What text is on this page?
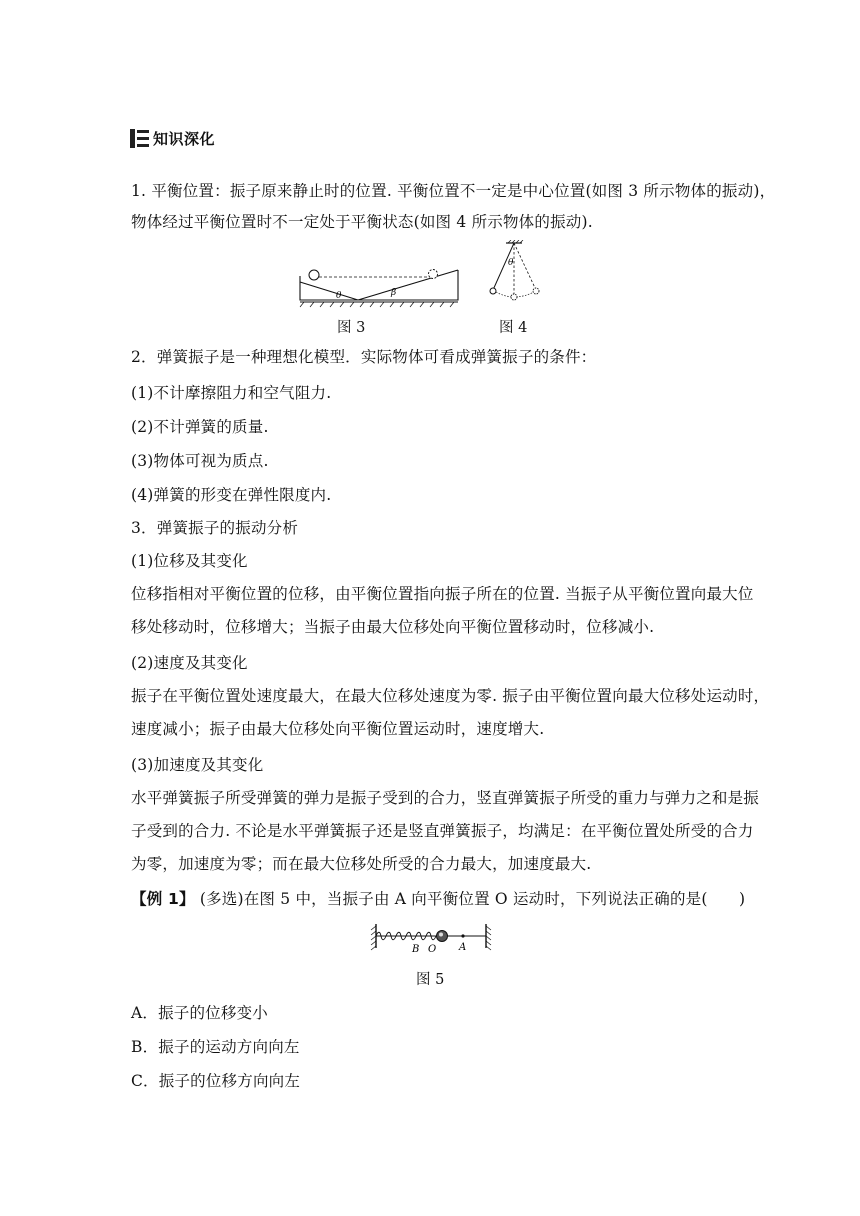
知识深化
1. 平衡位置：振子原来静止时的位置. 平衡位置不一定是中心位置(如图 3 所示物体的振动)，
物体经过平衡位置时不一定处于平衡状态(如图 4 所示物体的振动).
θ	β
θ
图 3	图 4
2．弹簧振子是一种理想化模型．实际物体可看成弹簧振子的条件：
(1)不计摩擦阻力和空气阻力.
(2)不计弹簧的质量.
(3)物体可视为质点.
(4)弹簧的形变在弹性限度内.
3．弹簧振子的振动分析
(1)位移及其变化
位移指相对平衡位置的位移，由平衡位置指向振子所在的位置. 当振子从平衡位置向最大位
移处移动时，位移增大；当振子由最大位移处向平衡位置移动时，位移减小.
(2)速度及其变化
振子在平衡位置处速度最大，在最大位移处速度为零. 振子由平衡位置向最大位移处运动时，
速度减小；振子由最大位移处向平衡位置运动时，速度增大.
(3)加速度及其变化
水平弹簧振子所受弹簧的弹力是振子受到的合力，竖直弹簧振子所受的重力与弹力之和是振
子受到的合力. 不论是水平弹簧振子还是竖直弹簧振子，均满足：在平衡位置处所受的合力
为零，加速度为零；而在最大位移处所受的合力最大，加速度最大.
【例 1】 (多选)在图 5 中，当振子由 A 向平衡位置 O 运动时，下列说法正确的是(　　)
B O A
图 5
A．振子的位移变小
B．振子的运动方向向左
C．振子的位移方向向左
